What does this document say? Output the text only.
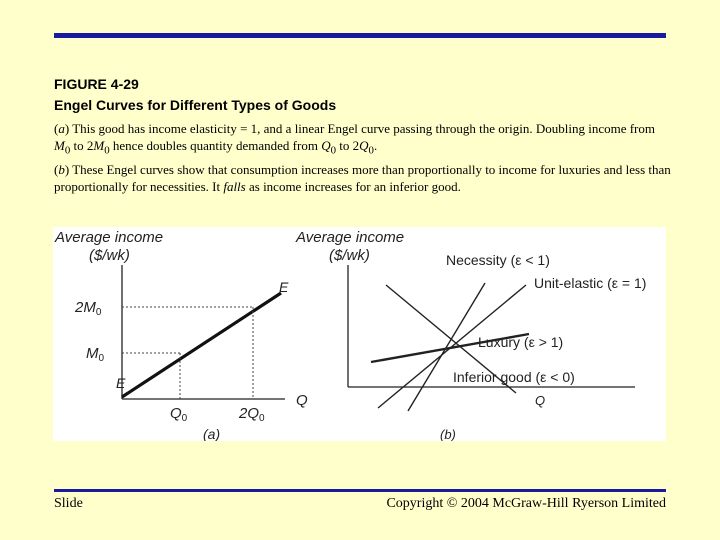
FIGURE 4-29
Engel Curves for Different Types of Goods
(a) This good has income elasticity = 1, and a linear Engel curve passing through the origin. Doubling income from $M_0$ to $2M_0$ hence doubles quantity demanded from $Q_0$ to $2Q_0$.
(b) These Engel curves show that consumption increases more than proportionally to income for luxuries and less than proportionally for necessities. It falls as income increases for an inferior good.
Average income
($/wk)
$2M_0$
$M_0$
$Q_0$	$2Q_0$
Q
E
E
(a)
Average income
($/wk)	Necessity (ε < 1)
Unit-elastic (ε = 1)
Luxury (ε > 1)
Inferior good (ε < 0)
Q
(b)
Slide	Copyright © 2004 McGraw-Hill Ryerson Limited
